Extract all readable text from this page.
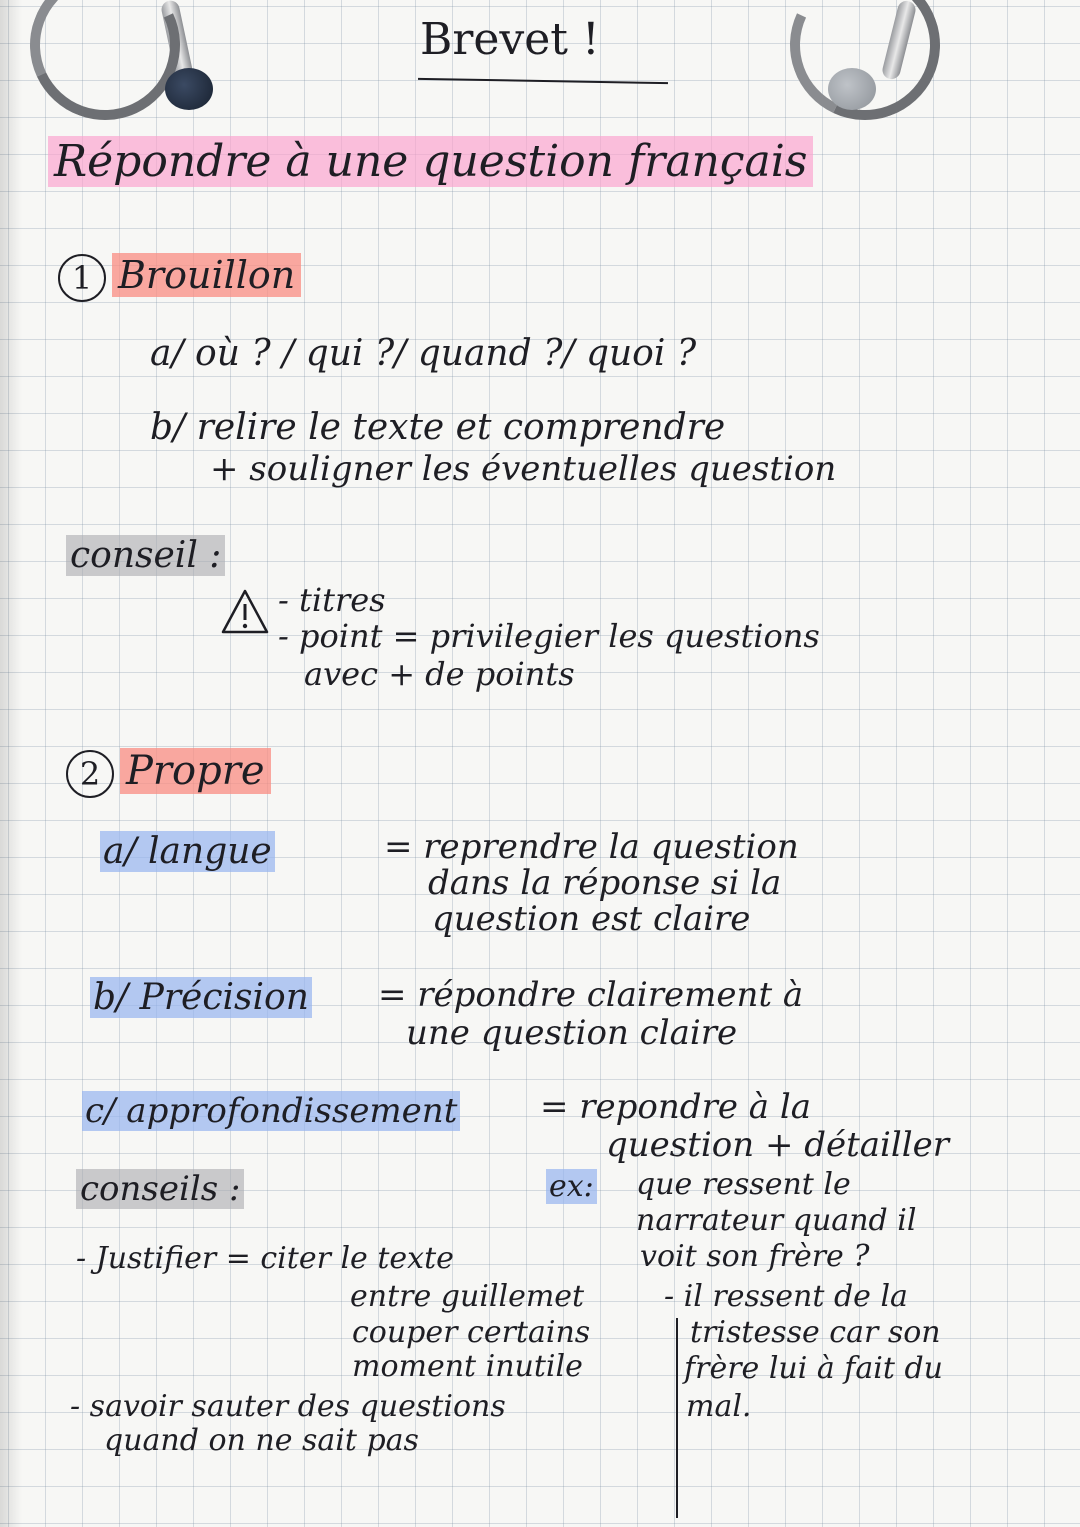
Brevet !
Répondre à une question français
1 Brouillon
a/ où ? / qui ?/ quand ?/ quoi ?
b/ relire le texte et comprendre
+ souligner les éventuelles question
conseil :
- titres
- point = privilegier les questions
avec + de points
2 Propre
a/ langue	= reprendre la question
dans la réponse si la
question est claire
b/ Précision = répondre clairement à
une question claire
c/ approfondissement = repondre à la
question + détailler
conseils :	ex: que ressent le
narrateur quand il
voit son frère ?
- Justifier = citer le texte
entre guillemet
couper certains
moment inutile
- il ressent de la
tristesse car son
frère lui à fait du
- savoir sauter des questions	mal.
quand on ne sait pas
